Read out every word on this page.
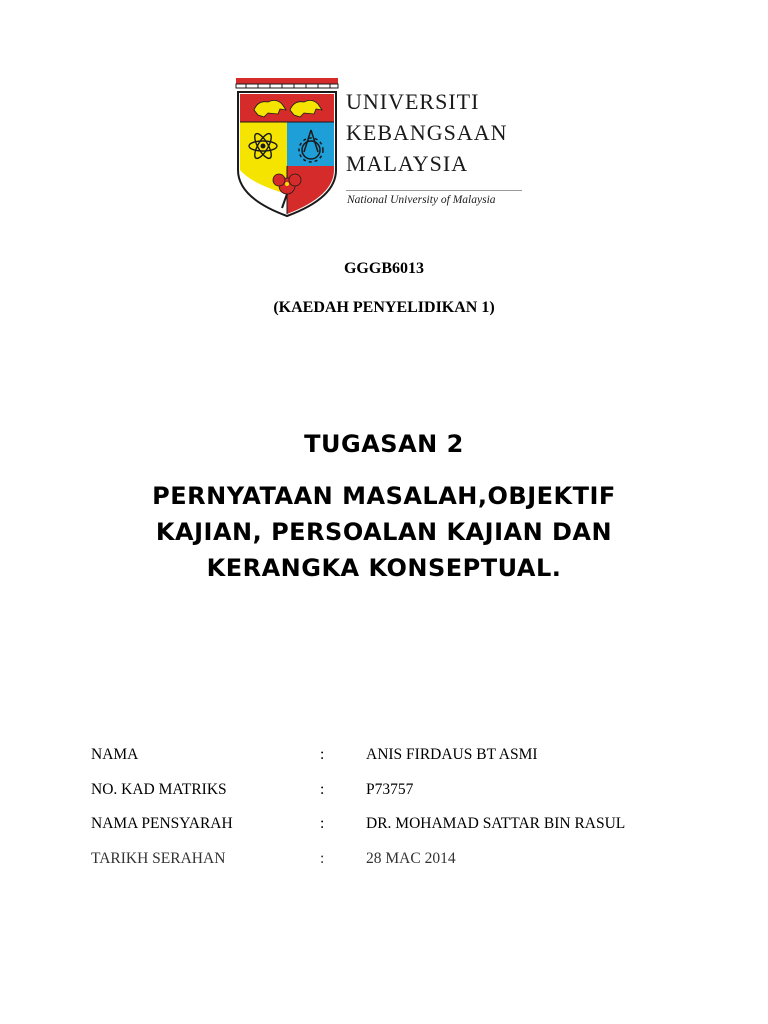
UNIVERSITI
KEBANGSAAN
MALAYSIA
National University of Malaysia
GGGB6013
(KAEDAH PENYELIDIKAN 1)
TUGASAN 2
PERNYATAAN MASALAH,OBJEKTIF
KAJIAN, PERSOALAN KAJIAN DAN
KERANGKA KONSEPTUAL.
NAMA	:	ANIS FIRDAUS BT ASMI
NO. KAD MATRIKS	:	P73757
NAMA PENSYARAH	:	DR. MOHAMAD SATTAR BIN RASUL
TARIKH SERAHAN	:	28 MAC 2014
